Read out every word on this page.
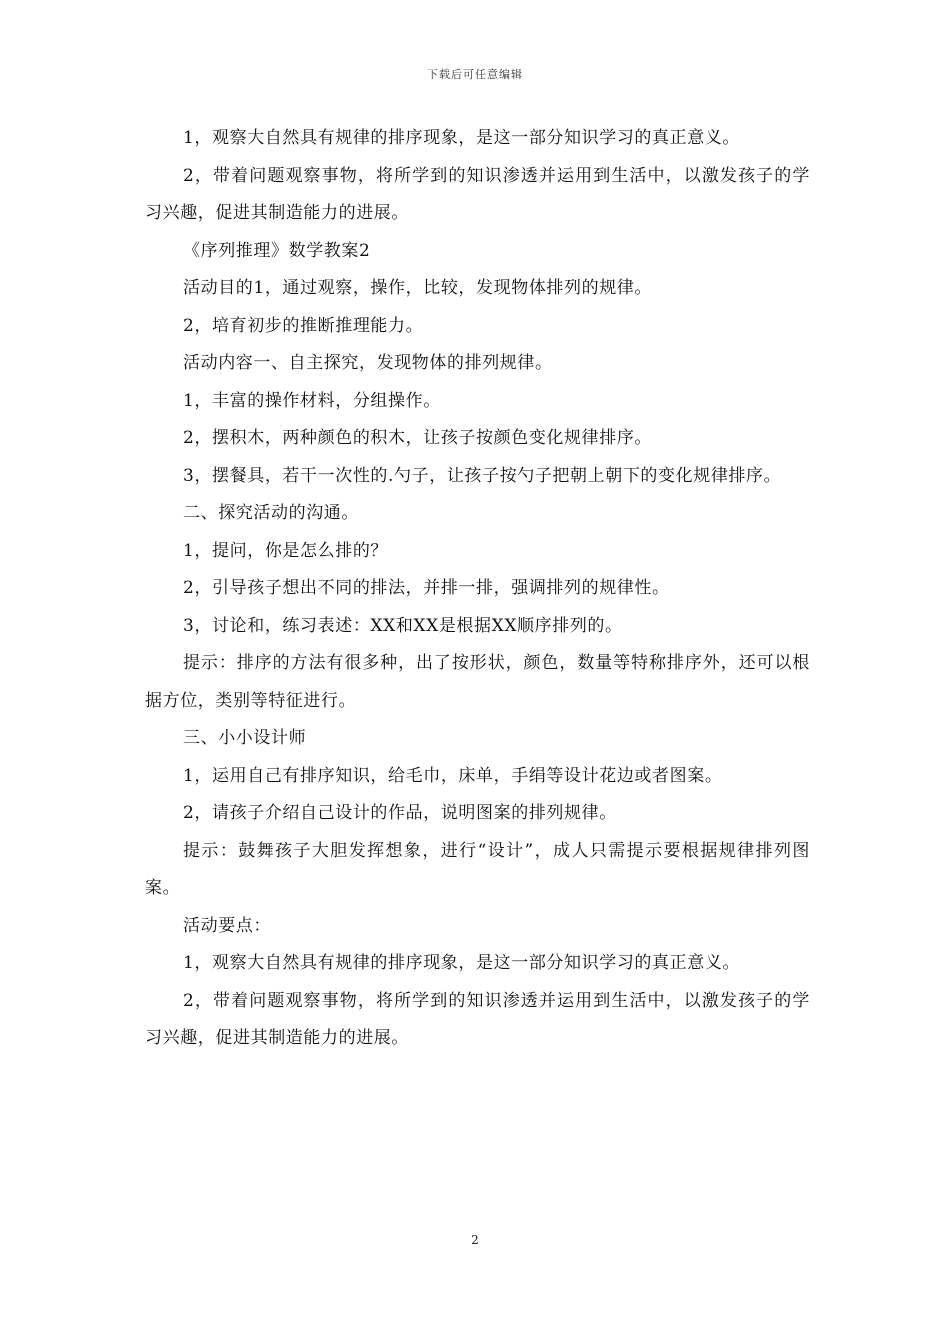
下载后可任意编辑

1，观察大自然具有规律的排序现象，是这一部分知识学习的真正意义。

2，带着问题观察事物，将所学到的知识渗透并运用到生活中，以激发孩子的学习兴趣，促进其制造能力的进展。

《序列推理》数学教案2

活动目的1，通过观察，操作，比较，发现物体排列的规律。

2，培育初步的推断推理能力。

活动内容一、自主探究，发现物体的排列规律。

1，丰富的操作材料，分组操作。

2，摆积木，两种颜色的积木，让孩子按颜色变化规律排序。

3，摆餐具，若干一次性的.勺子，让孩子按勺子把朝上朝下的变化规律排序。

二、探究活动的沟通。

1，提问，你是怎么排的？

2，引导孩子想出不同的排法，并排一排，强调排列的规律性。

3，讨论和，练习表述：XX和XX是根据XX顺序排列的。

提示：排序的方法有很多种，出了按形状，颜色，数量等特称排序外，还可以根据方位，类别等特征进行。

三、小小设计师

1，运用自己有排序知识，给毛巾，床单，手绢等设计花边或者图案。

2，请孩子介绍自己设计的作品，说明图案的排列规律。

提示：鼓舞孩子大胆发挥想象，进行“设计”，成人只需提示要根据规律排列图案。

活动要点：

1，观察大自然具有规律的排序现象，是这一部分知识学习的真正意义。

2，带着问题观察事物，将所学到的知识渗透并运用到生活中，以激发孩子的学习兴趣，促进其制造能力的进展。

2
